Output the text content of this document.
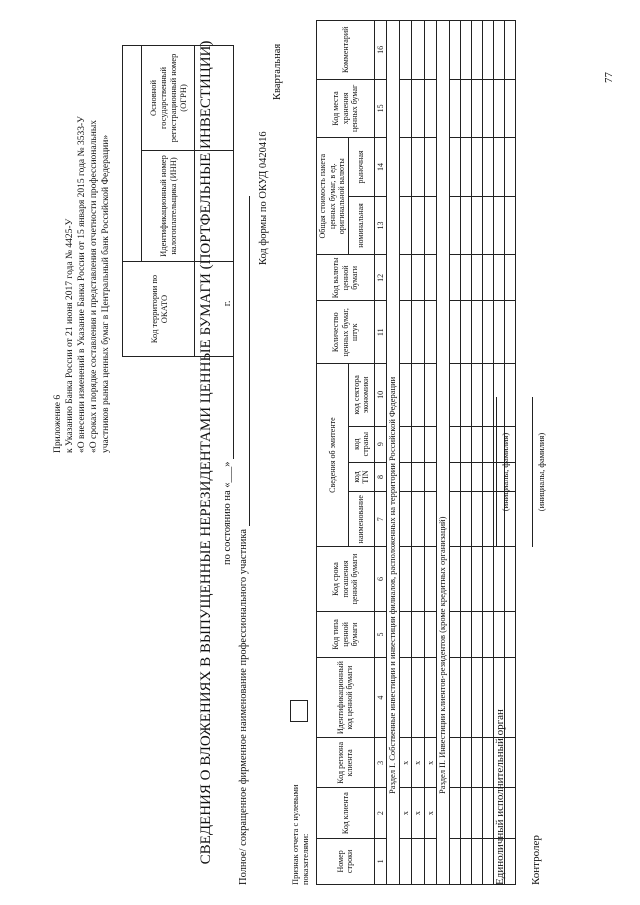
Приложение 6 к Указанию Банка России от 21 июня 2017 года № 4425-У «О внесении изменений в Указание Банка России от 15 января 2015 года № 3533-У «О сроках и порядке составления и представления отчетности профессиональных участников рынка ценных бумаг в Центральный банк Российской Федерации»	Код территории по ОКАТО		
	Идентификационный номер налогоплательщика (ИНН)	Основной государственный регистрационный номер (ОГРН)
		СВЕДЕНИЯ О ВЛОЖЕНИЯХ В ВЫПУЩЕННЫЕ НЕРЕЗИДЕНТАМИ ЦЕННЫЕ БУМАГИ (ПОРТФЕЛЬНЫЕ ИНВЕСТИЦИИ) по состоянию на «___»   г.
Полное/ сокращенное фирменное наименование профессионального участника
Код формы по ОКУД 0420416
Квартальная
Признак отчета с нулевыми показателями:	Номер строки	Код клиента	Код региона клиента	Идентификационный код ценной бумаги	Код типа ценной бумаги	Код срока погашения ценной бумаги	Сведения об эмитенте				Количество ценных бумаг, штук	Код валюты ценной бумаги	Общая стоимость пакета ценных бумаг, в ед. оригинальной валюты		Код места хранения ценных бумаг	Комментарий
						наименование	код TIN	код страны	код сектора экономики			номинальная	рыночная		
1	2	3	4	5	6	7	8	9	10	11	12	13	14	15	16
Раздел I. Собственные инвестиции и инвестиции филиалов, расположенных на территории Российской Федерации															
	x	x													
	x	x													
	x	x													
Раздел II. Инвестиции клиентов-резидентов (кроме кредитных организаций)															

Единоличный исполнительный орган
(инициалы, фамилия)
Контролер
(инициалы, фамилия)
77
